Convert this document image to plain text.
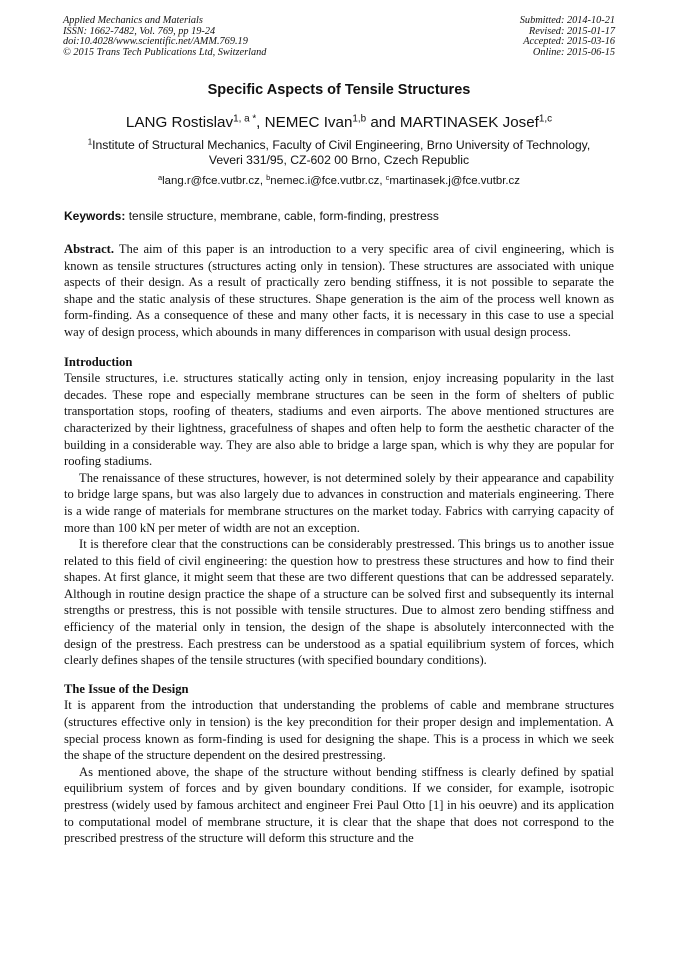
Applied Mechanics and Materials
ISSN: 1662-7482, Vol. 769, pp 19-24
doi:10.4028/www.scientific.net/AMM.769.19
© 2015 Trans Tech Publications Ltd, Switzerland
Submitted: 2014-10-21
Revised: 2015-01-17
Accepted: 2015-03-16
Online: 2015-06-15
Specific Aspects of Tensile Structures
LANG Rostislav$^{1, a *}$, NEMEC Ivan$^{1,b}$ and MARTINASEK Josef$^{1,c}$
$^1$Institute of Structural Mechanics, Faculty of Civil Engineering, Brno University of Technology,
Veveri 331/95, CZ-602 00 Brno, Czech Republic
$^a$lang.r@fce.vutbr.cz, $^b$nemec.i@fce.vutbr.cz, $^c$martinasek.j@fce.vutbr.cz
Keywords: tensile structure, membrane, cable, form-finding, prestress

Abstract. The aim of this paper is an introduction to a very specific area of civil engineering, which is known as tensile structures (structures acting only in tension). These structures are associated with unique aspects of their design. As a result of practically zero bending stiffness, it is not possible to separate the shape and the static analysis of these structures. Shape generation is the aim of the process well known as form-finding. As a consequence of these and many other facts, it is necessary in this case to use a special way of design process, which abounds in many differences in comparison with usual design process.

Introduction

Tensile structures, i.e. structures statically acting only in tension, enjoy increasing popularity in the last decades. These rope and especially membrane structures can be seen in the form of shelters of public transportation stops, roofing of theaters, stadiums and even airports. The above mentioned structures are characterized by their lightness, gracefulness of shapes and often help to form the aesthetic character of the building in a considerable way. They are also able to bridge a large span, which is why they are popular for roofing stadiums.

The renaissance of these structures, however, is not determined solely by their appearance and capability to bridge large spans, but was also largely due to advances in construction and materials engineering. There is a wide range of materials for membrane structures on the market today. Fabrics with carrying capacity of more than 100 kN per meter of width are not an exception.

It is therefore clear that the constructions can be considerably prestressed. This brings us to another issue related to this field of civil engineering: the question how to prestress these structures and how to find their shapes. At first glance, it might seem that these are two different questions that can be addressed separately. Although in routine design practice the shape of a structure can be solved first and subsequently its internal strengths or prestress, this is not possible with tensile structures. Due to almost zero bending stiffness and efficiency of the material only in tension, the design of the shape is absolutely interconnected with the design of the prestress. Each prestress can be understood as a spatial equilibrium system of forces, which clearly defines shapes of the tensile structures (with specified boundary conditions).

The Issue of the Design

It is apparent from the introduction that understanding the problems of cable and membrane structures (structures effective only in tension) is the key precondition for their proper design and implementation. A special process known as form-finding is used for designing the shape. This is a process in which we seek the shape of the structure dependent on the desired prestressing.

As mentioned above, the shape of the structure without bending stiffness is clearly defined by spatial equilibrium system of forces and by given boundary conditions. If we consider, for example, isotropic prestress (widely used by famous architect and engineer Frei Paul Otto [1] in his oeuvre) and its application to computational model of membrane structure, it is clear that the shape that does not correspond to the prescribed prestress of the structure will deform this structure and the
